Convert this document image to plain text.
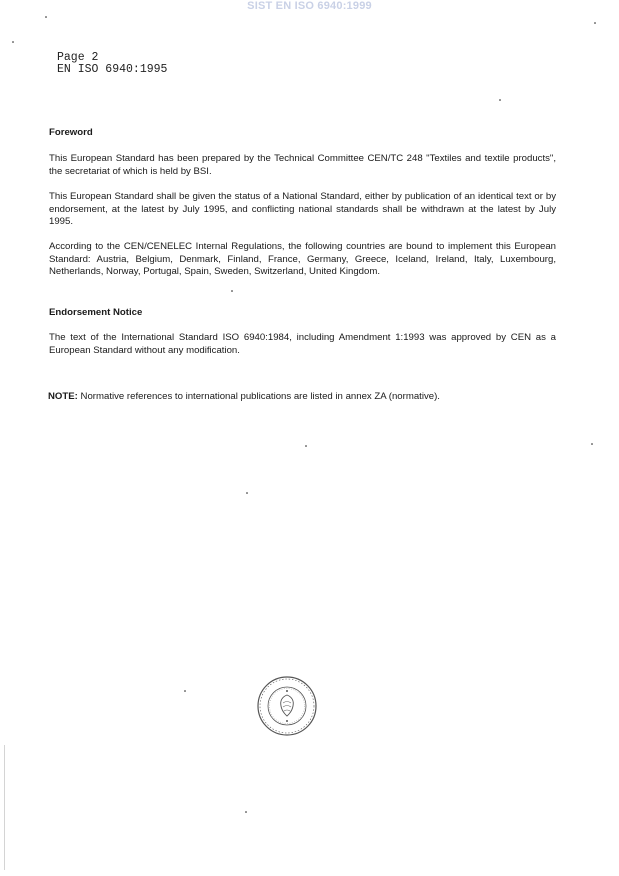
SIST EN ISO 6940:1999
Page 2
EN ISO 6940:1995

Foreword

This European Standard has been prepared by the Technical Committee CEN/TC 248 "Textiles and textile products", the secretariat of which is held by BSI.

This European Standard shall be given the status of a National Standard, either by publication of an identical text or by endorsement, at the latest by July 1995, and conflicting national standards shall be withdrawn at the latest by July 1995.

According to the CEN/CENELEC Internal Regulations, the following countries are bound to implement this European Standard: Austria, Belgium, Denmark, Finland, France, Germany, Greece, Iceland, Ireland, Italy, Luxembourg, Netherlands, Norway, Portugal, Spain, Sweden, Switzerland, United Kingdom.

Endorsement Notice

The text of the International Standard ISO 6940:1984, including Amendment 1:1993 was approved by CEN as a European Standard without any modification.

NOTE: Normative references to international publications are listed in annex ZA (normative).
